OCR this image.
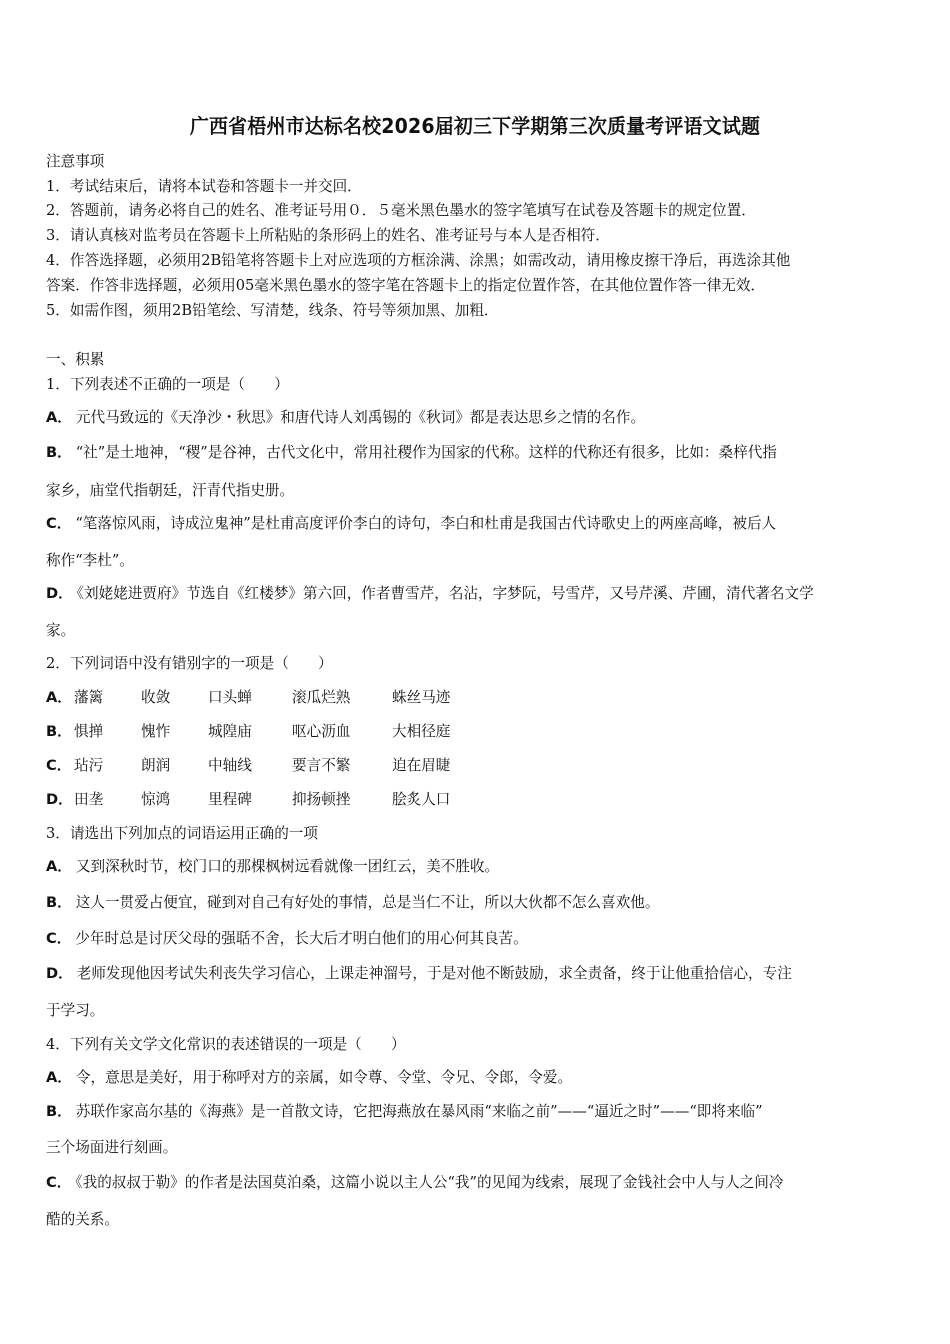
广西省梧州市达标名校2026届初三下学期第三次质量考评语文试题
注意事项
1．考试结束后，请将本试卷和答题卡一并交回．
2．答题前，请务必将自己的姓名、准考证号用０．５毫米黑色墨水的签字笔填写在试卷及答题卡的规定位置．
3．请认真核对监考员在答题卡上所粘贴的条形码上的姓名、准考证号与本人是否相符．
4．作答选择题，必须用2B铅笔将答题卡上对应选项的方框涂满、涂黑；如需改动，请用橡皮擦干净后，再选涂其他
答案．作答非选择题，必须用05毫米黑色墨水的签字笔在答题卡上的指定位置作答，在其他位置作答一律无效．
5．如需作图，须用2B铅笔绘、写清楚，线条、符号等须加黑、加粗．
一、积累
1．下列表述不正确的一项是（　　）
A． 元代马致远的《天净沙・秋思》和唐代诗人刘禹锡的《秋词》都是表达思乡之情的名作。
B． “社”是土地神，“稷”是谷神，古代文化中，常用社稷作为国家的代称。这样的代称还有很多，比如：桑梓代指
家乡，庙堂代指朝廷，汗青代指史册。
C． “笔落惊风雨，诗成泣鬼神”是杜甫高度评价李白的诗句，李白和杜甫是我国古代诗歌史上的两座高峰，被后人
称作“李杜”。
D． 《刘姥姥进贾府》节选自《红楼梦》第六回，作者曹雪芹，名沾，字梦阮，号雪芹，又号芹溪、芹圃，清代著名文学
家。
2．下列词语中没有错别字的一项是（　　）
A． 藩篱	收敛	口头蝉	滚瓜烂熟	蛛丝马迹
B． 惧掸	愧怍	城隍庙	呕心沥血	大相径庭
C． 玷污	朗润	中轴线	要言不繁	迫在眉睫
D． 田垄	惊鸿	里程碑	抑扬顿挫	脍炙人口
3．请选出下列加点的词语运用正确的一项
A． 又到深秋时节，校门口的那棵枫树远看就像一团红云，美不胜收。
B． 这人一贯爱占便宜，碰到对自己有好处的事情，总是当仁不让，所以大伙都不怎么喜欢他。
C． 少年时总是讨厌父母的强聒不舍，长大后才明白他们的用心何其良苦。
D． 老师发现他因考试失利丧失学习信心，上课走神溜号，于是对他不断鼓励，求全责备，终于让他重拾信心，专注
于学习。
4．下列有关文学文化常识的表述错误的一项是（　　）
A． 令，意思是美好，用于称呼对方的亲属，如令尊、令堂、令兄、令郎，令爱。
B． 苏联作家高尔基的《海燕》是一首散文诗，它把海燕放在暴风雨“来临之前”——“逼近之时”——“即将来临”
三个场面进行刻画。
C． 《我的叔叔于勒》的作者是法国莫泊桑，这篇小说以主人公“我”的见闻为线索，展现了金钱社会中人与人之间冷
酷的关系。
